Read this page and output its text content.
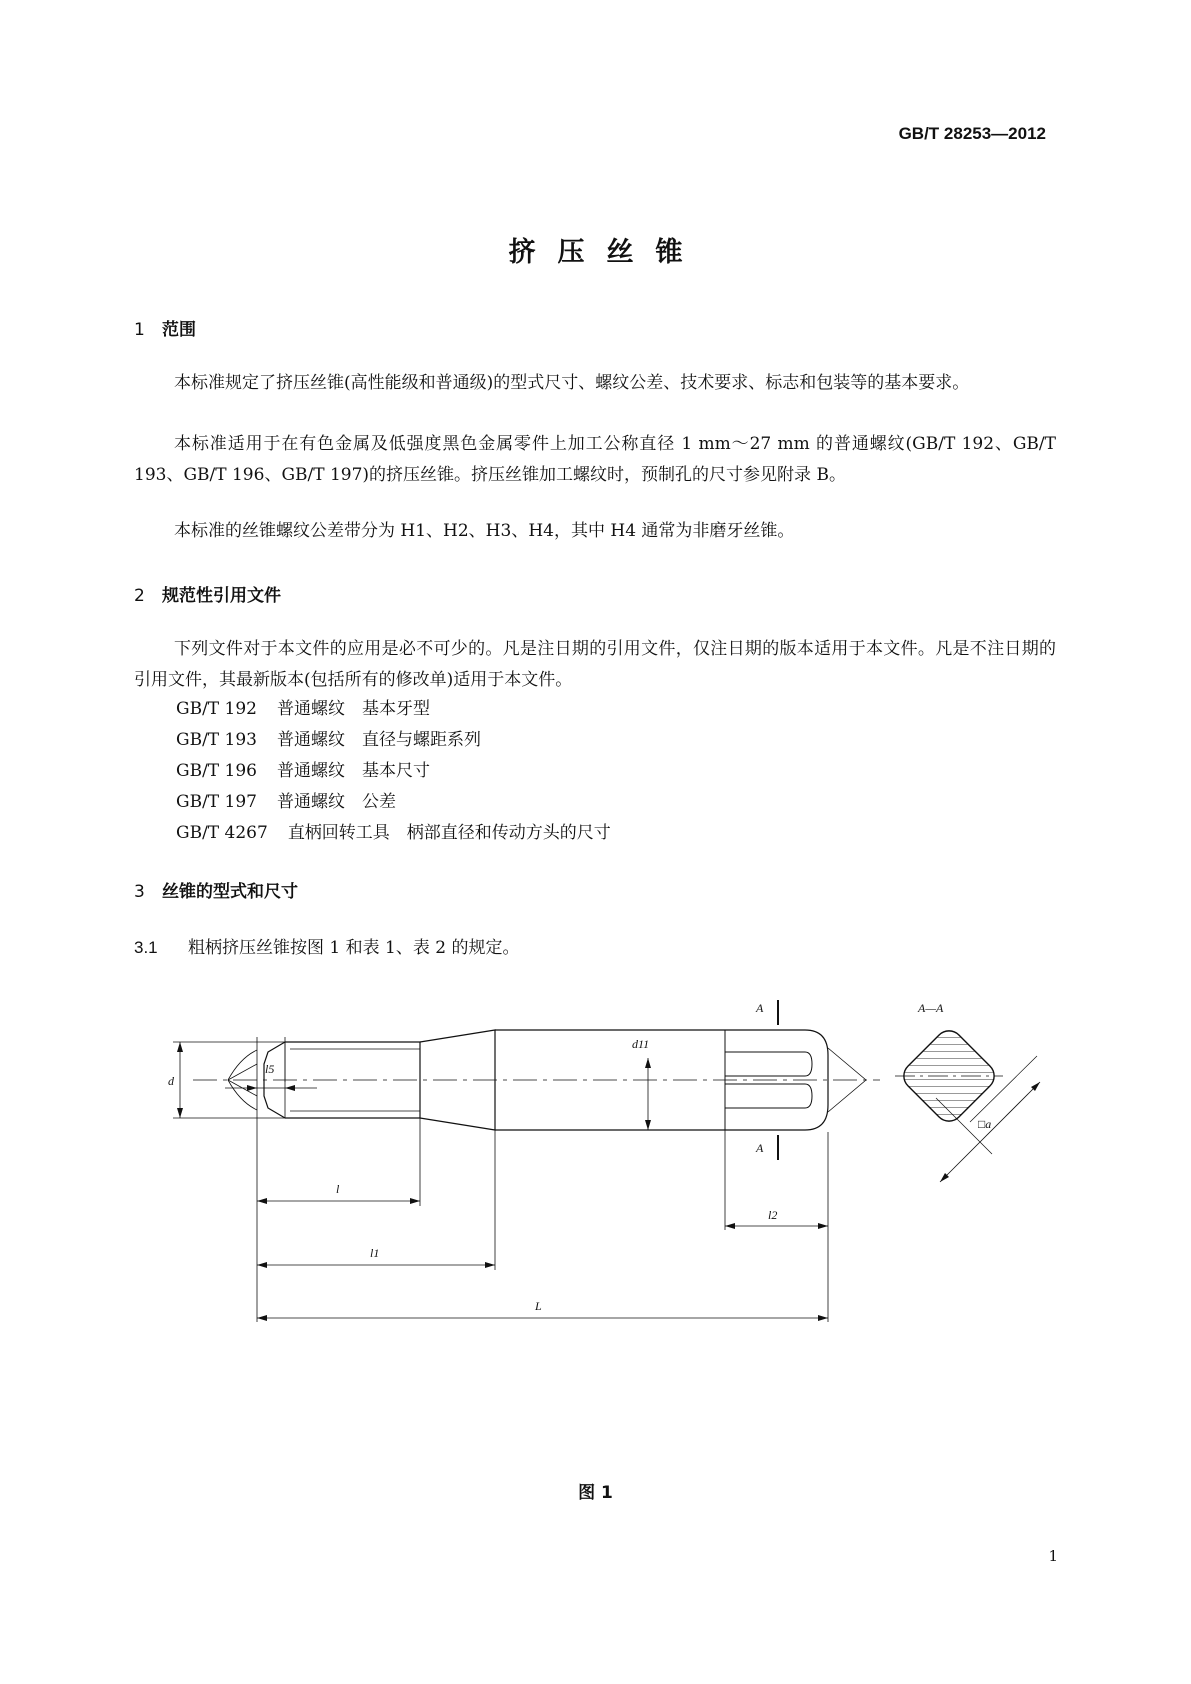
GB/T 28253—2012
挤压丝锥
1 范围
本标准规定了挤压丝锥(高性能级和普通级)的型式尺寸、螺纹公差、技术要求、标志和包装等的基本要求。
本标准适用于在有色金属及低强度黑色金属零件上加工公称直径 1 mm～27 mm 的普通螺纹(GB/T 192、GB/T 193、GB/T 196、GB/T 197)的挤压丝锥。挤压丝锥加工螺纹时，预制孔的尺寸参见附录 B。
本标准的丝锥螺纹公差带分为 H1、H2、H3、H4，其中 H4 通常为非磨牙丝锥。
2 规范性引用文件
下列文件对于本文件的应用是必不可少的。凡是注日期的引用文件，仅注日期的版本适用于本文件。凡是不注日期的引用文件，其最新版本(包括所有的修改单)适用于本文件。
GB/T 192 普通螺纹　基本牙型
GB/T 193 普通螺纹　直径与螺距系列
GB/T 196 普通螺纹　基本尺寸
GB/T 197 普通螺纹　公差
GB/T 4267 直柄回转工具　柄部直径和传动方头的尺寸
3 丝锥的型式和尺寸
3.1 粗柄挤压丝锥按图 1 和表 1、表 2 的规定。
l5
d
d11
A
A
A—A
□a
l
l1
l2
L
图 1
1
